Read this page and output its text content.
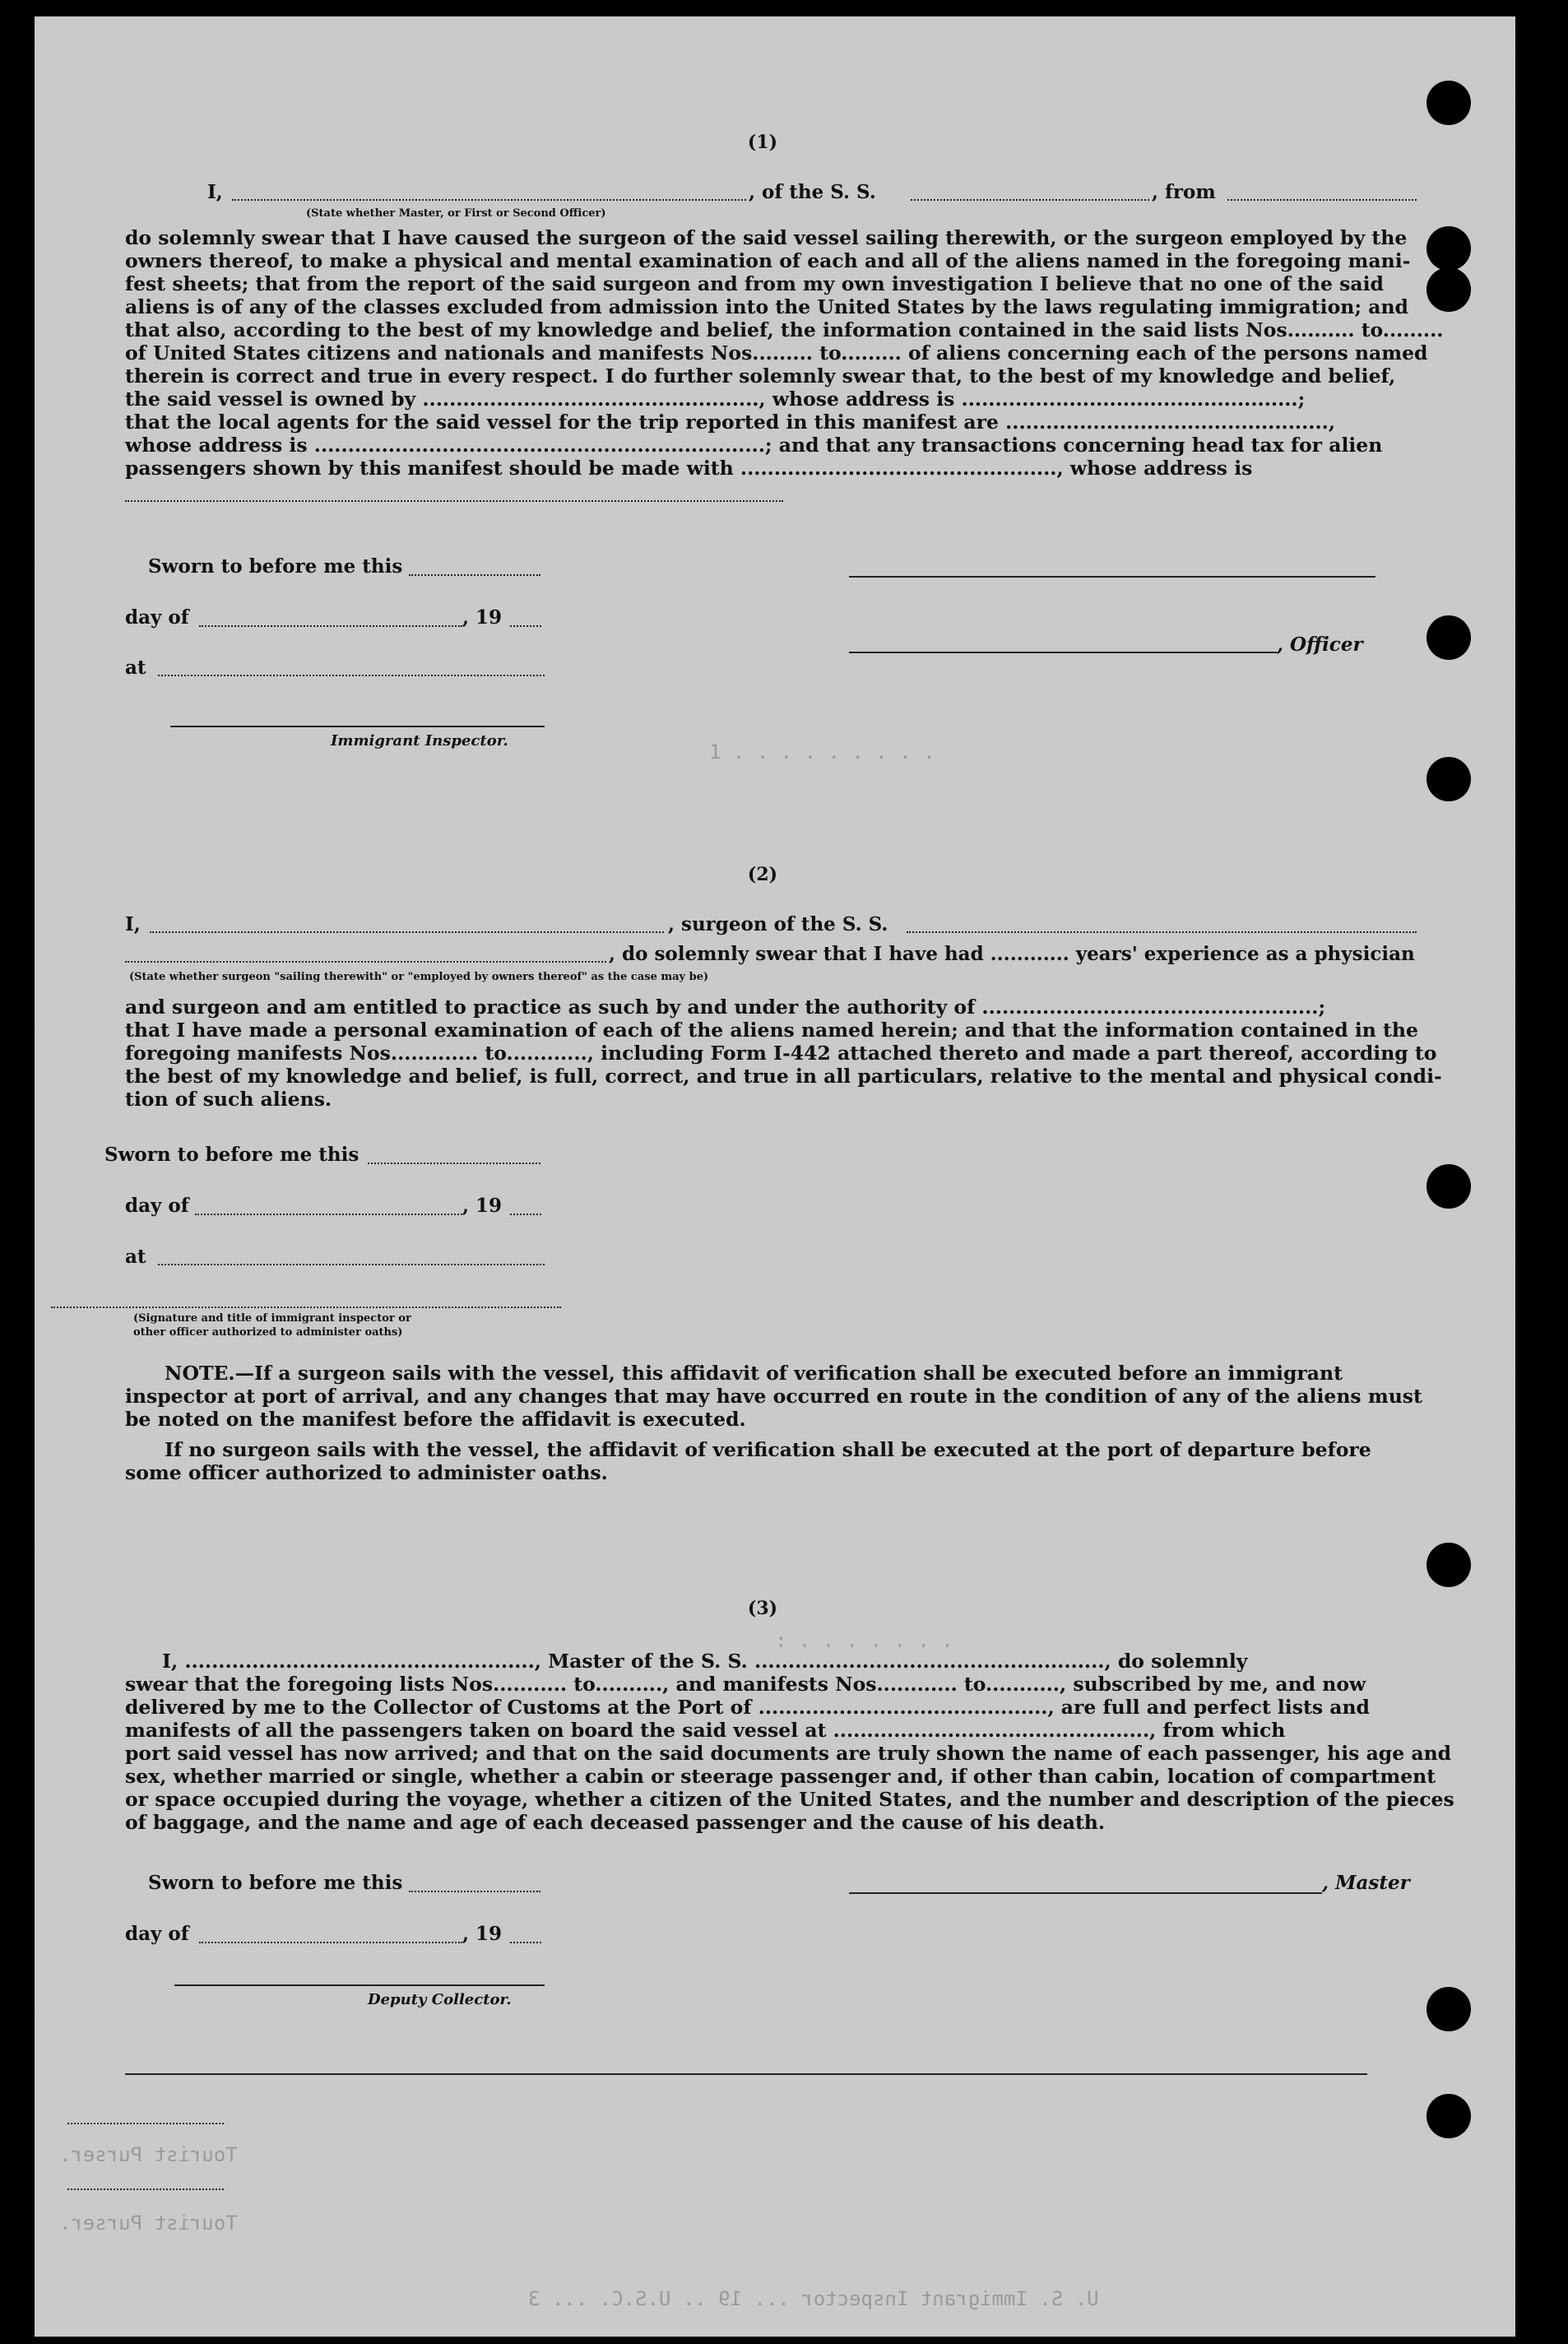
1 . . . . . . . . .
: . . . . . . .
Tourist Purser.
Tourist Purser.
U. S. Immigrant Inspector ... 19 .. U.S.C. ... 3
(1)
I,	, of the S. S.	, from
(State whether Master, or First or Second Officer)
do solemnly swear that I have caused the surgeon of the said vessel sailing therewith, or the surgeon employed by the
owners thereof, to make a physical and mental examination of each and all of the aliens named in the foregoing mani-
fest sheets; that from the report of the said surgeon and from my own investigation I believe that no one of the said
aliens is of any of the classes excluded from admission into the United States by the laws regulating immigration; and
that also, according to the best of my knowledge and belief, the information contained in the said lists Nos.......... to.........
of United States citizens and nationals and manifests Nos......... to......... of aliens concerning each of the persons named
therein is correct and true in every respect. I do further solemnly swear that, to the best of my knowledge and belief,
the said vessel is owned by .................................................., whose address is ..................................................;
that the local agents for the said vessel for the trip reported in this manifest are ................................................,
whose address is ...................................................................; and that any transactions concerning head tax for alien
passengers shown by this manifest should be made with ..............................................., whose address is
Sworn to before me this
day of	, 19
, Officer
at
Immigrant Inspector.
(2)
I,	, surgeon of the S. S.
, do solemnly swear that I have had ............ years' experience as a physician
(State whether surgeon "sailing therewith" or "employed by owners thereof" as the case may be)
and surgeon and am entitled to practice as such by and under the authority of ..................................................;
that I have made a personal examination of each of the aliens named herein; and that the information contained in the
foregoing manifests Nos............. to............, including Form I-442 attached thereto and made a part thereof, according to
the best of my knowledge and belief, is full, correct, and true in all particulars, relative to the mental and physical condi-
tion of such aliens.
Sworn to before me this
day of	, 19
at
(Signature and title of immigrant inspector or
other officer authorized to administer oaths)
NOTE.—If a surgeon sails with the vessel, this affidavit of verification shall be executed before an immigrant
inspector at port of arrival, and any changes that may have occurred en route in the condition of any of the aliens must
be noted on the manifest before the affidavit is executed.
If no surgeon sails with the vessel, the affidavit of verification shall be executed at the port of departure before
some officer authorized to administer oaths.
(3)
I, ...................................................., Master of the S. S. ...................................................., do solemnly
swear that the foregoing lists Nos........... to.........., and manifests Nos............ to..........., subscribed by me, and now
delivered by me to the Collector of Customs at the Port of ..........................................., are full and perfect lists and
manifests of all the passengers taken on board the said vessel at ..............................................., from which
port said vessel has now arrived; and that on the said documents are truly shown the name of each passenger, his age and
sex, whether married or single, whether a cabin or steerage passenger and, if other than cabin, location of compartment
or space occupied during the voyage, whether a citizen of the United States, and the number and description of the pieces
of baggage, and the name and age of each deceased passenger and the cause of his death.
Sworn to before me this	, Master
day of	, 19
Deputy Collector.
